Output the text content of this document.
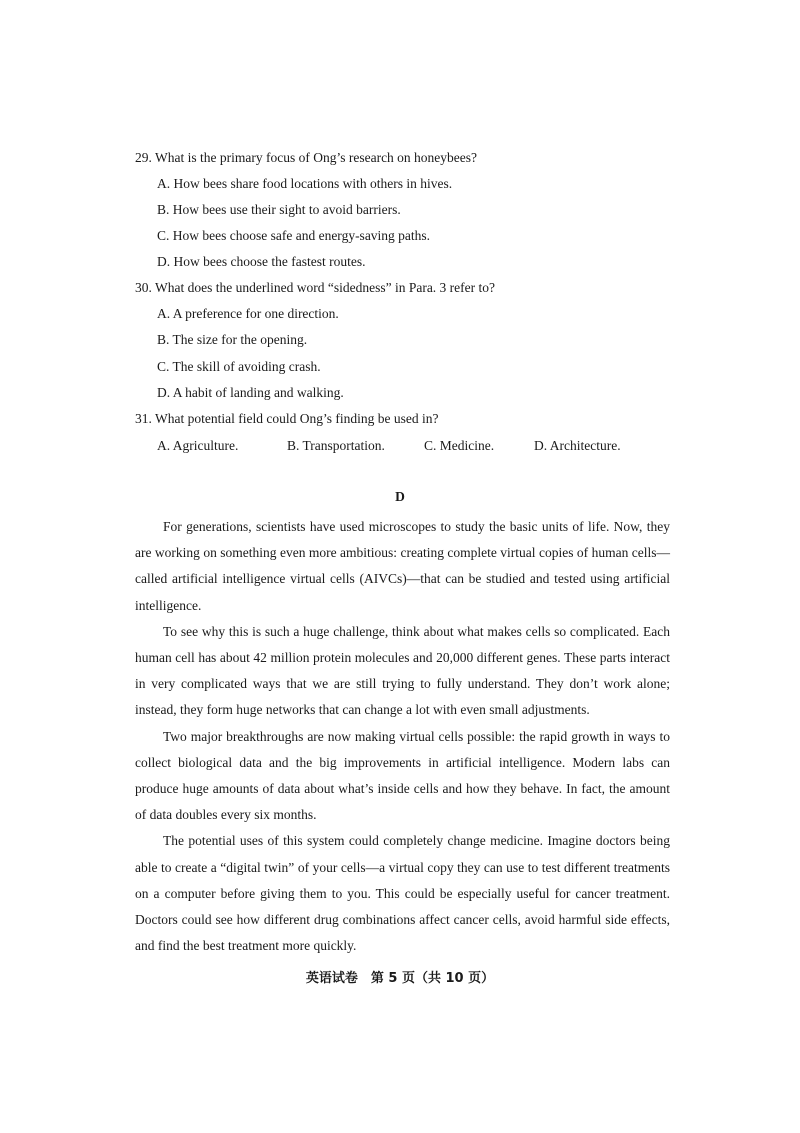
29. What is the primary focus of Ong’s research on honeybees?
A. How bees share food locations with others in hives.
B. How bees use their sight to avoid barriers.
C. How bees choose safe and energy-saving paths.
D. How bees choose the fastest routes.
30. What does the underlined word “sidedness” in Para. 3 refer to?
A. A preference for one direction.
B. The size for the opening.
C. The skill of avoiding crash.
D. A habit of landing and walking.
31. What potential field could Ong’s finding be used in?
A. Agriculture.	B. Transportation.	C. Medicine.	D. Architecture.
D

For generations, scientists have used microscopes to study the basic units of life. Now, they are working on something even more ambitious: creating complete virtual copies of human cells—called artificial intelligence virtual cells (AIVCs)—that can be studied and tested using artificial intelligence.

To see why this is such a huge challenge, think about what makes cells so complicated. Each human cell has about 42 million protein molecules and 20,000 different genes. These parts interact in very complicated ways that we are still trying to fully understand. They don’t work alone; instead, they form huge networks that can change a lot with even small adjustments.

Two major breakthroughs are now making virtual cells possible: the rapid growth in ways to collect biological data and the big improvements in artificial intelligence. Modern labs can produce huge amounts of data about what’s inside cells and how they behave. In fact, the amount of data doubles every six months.

The potential uses of this system could completely change medicine. Imagine doctors being able to create a “digital twin” of your cells—a virtual copy they can use to test different treatments on a computer before giving them to you. This could be especially useful for cancer treatment. Doctors could see how different drug combinations affect cancer cells, avoid harmful side effects, and find the best treatment more quickly.

英语试卷　第 5 页（共 10 页）
